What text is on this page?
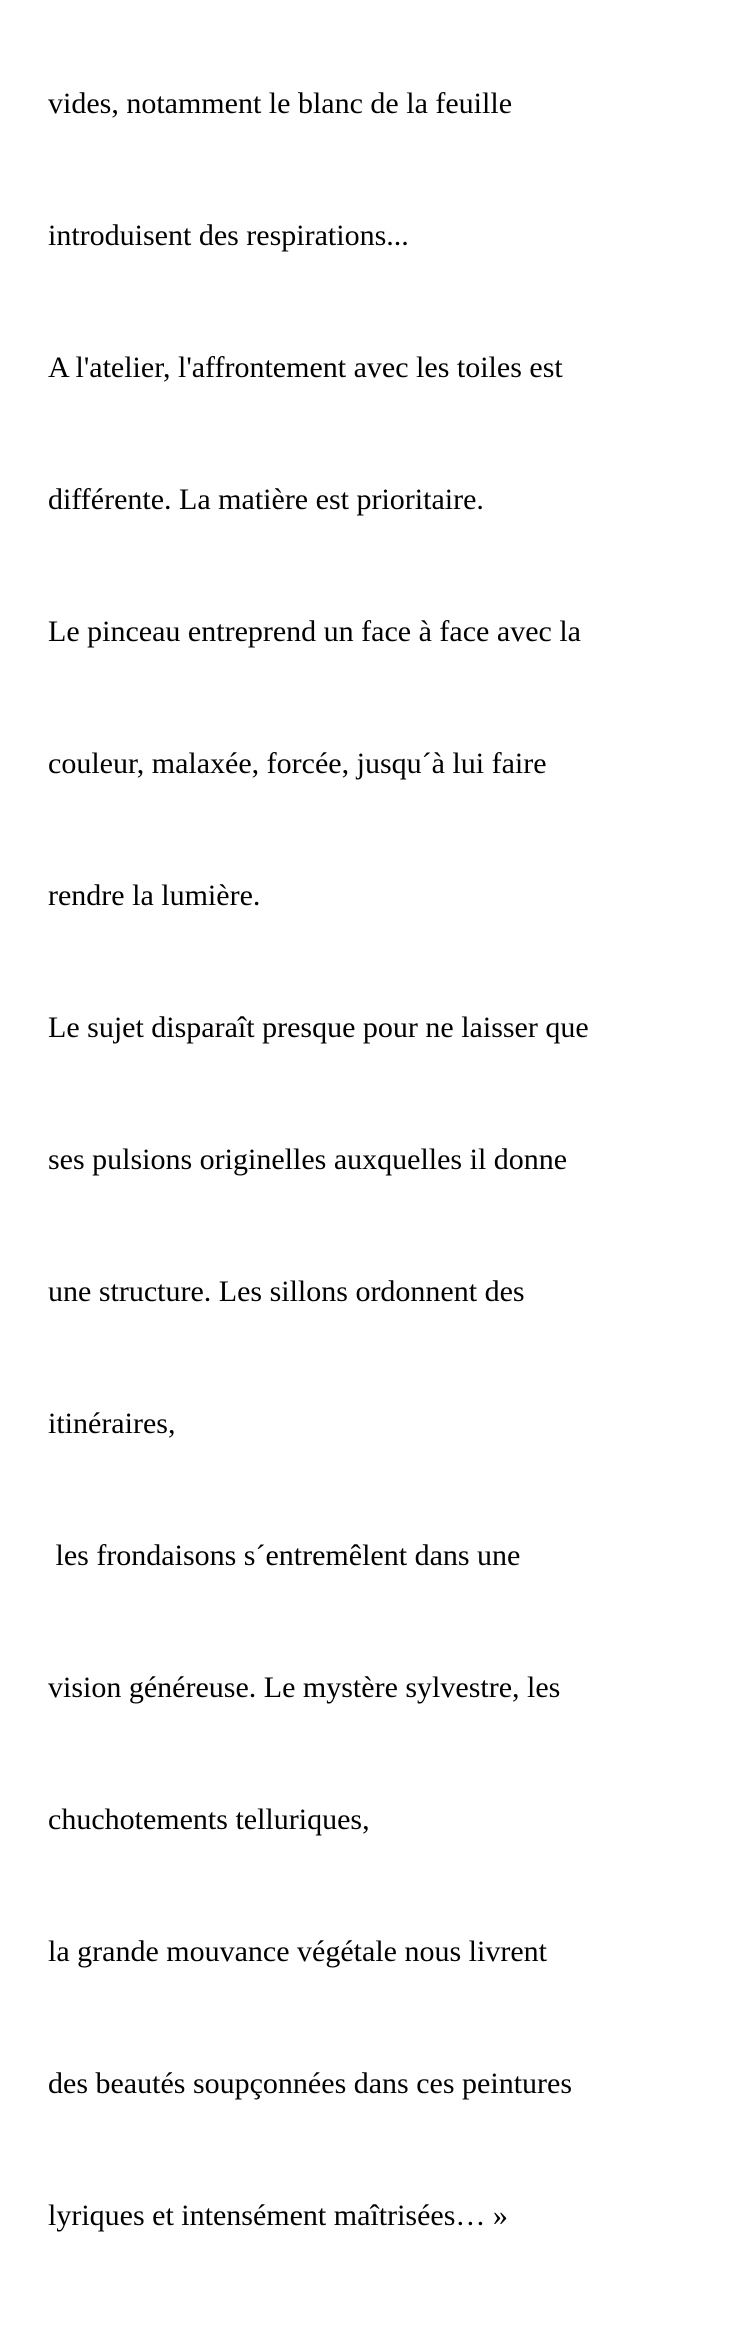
vides, notamment le blanc de la feuille

introduisent des respirations...

A l'atelier, l'affrontement avec les toiles est

différente. La matière est prioritaire.

Le pinceau entreprend un face à face avec la

couleur, malaxée, forcée, jusqu´à lui faire

rendre la lumière.

Le sujet disparaît presque pour ne laisser que

ses pulsions originelles auxquelles il donne

une structure. Les sillons ordonnent des

itinéraires,

les frondaisons s´entremêlent dans une

vision généreuse. Le mystère sylvestre, les

chuchotements telluriques,

la grande mouvance végétale nous livrent

des beautés soupçonnées dans ces peintures

lyriques et intensément maîtrisées… »
